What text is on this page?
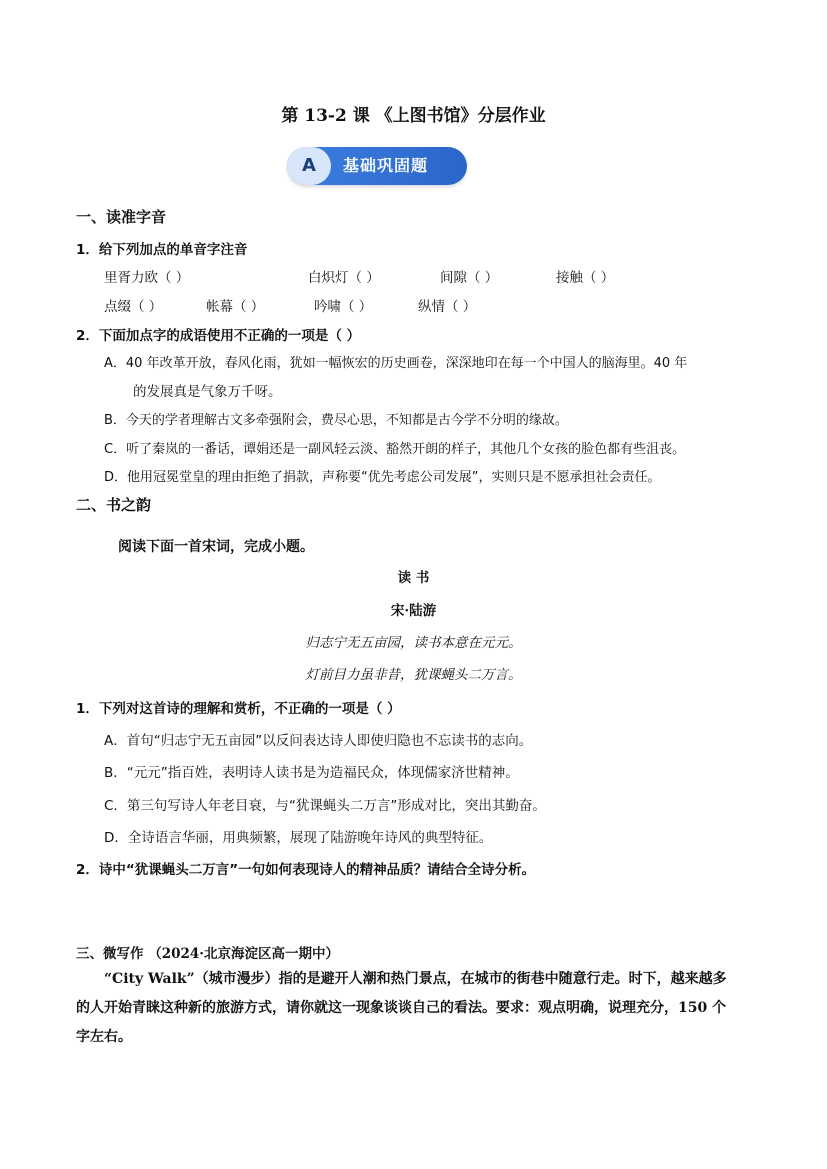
第 13-2 课 《上图书馆》分层作业
A	基础巩固题
一、读准字音
1．给下列加点的单音字注音
里胥力欧（ ）	白炽灯（ ）	间隙（ ）	接触（ ）
点缀（ ）	帐幕（ ）	吟啸（ ）	纵情（ ）
2．下面加点字的成语使用不正确的一项是（ ）
A．40 年改革开放，春风化雨，犹如一幅恢宏的历史画卷，深深地印在每一个中国人的脑海里。40 年
的发展真是气象万千呀。
B．今天的学者理解古文多牵强附会，费尽心思，不知都是古今学不分明的缘故。
C．听了秦岚的一番话，谭娟还是一副风轻云淡、豁然开朗的样子，其他几个女孩的脸色都有些沮丧。
D．他用冠冕堂皇的理由拒绝了捐款，声称要“优先考虑公司发展”，实则只是不愿承担社会责任。
二、书之韵
阅读下面一首宋词，完成小题。
读 书
宋·陆游
归志宁无五亩园，读书本意在元元。
灯前目力虽非昔，犹课蝇头二万言。
1．下列对这首诗的理解和赏析，不正确的一项是（ ）
A．首句“归志宁无五亩园”以反问表达诗人即使归隐也不忘读书的志向。
B．“元元”指百姓，表明诗人读书是为造福民众，体现儒家济世精神。
C．第三句写诗人年老目衰，与“犹课蝇头二万言”形成对比，突出其勤奋。
D．全诗语言华丽，用典频繁，展现了陆游晚年诗风的典型特征。
2．诗中“犹课蝇头二万言”一句如何表现诗人的精神品质？请结合全诗分析。
三、微写作 （2024·北京海淀区高一期中）
“City Walk”（城市漫步）指的是避开人潮和热门景点，在城市的街巷中随意行走。时下，越来越多
的人开始青睐这种新的旅游方式，请你就这一现象谈谈自己的看法。要求：观点明确，说理充分，150 个
字左右。
